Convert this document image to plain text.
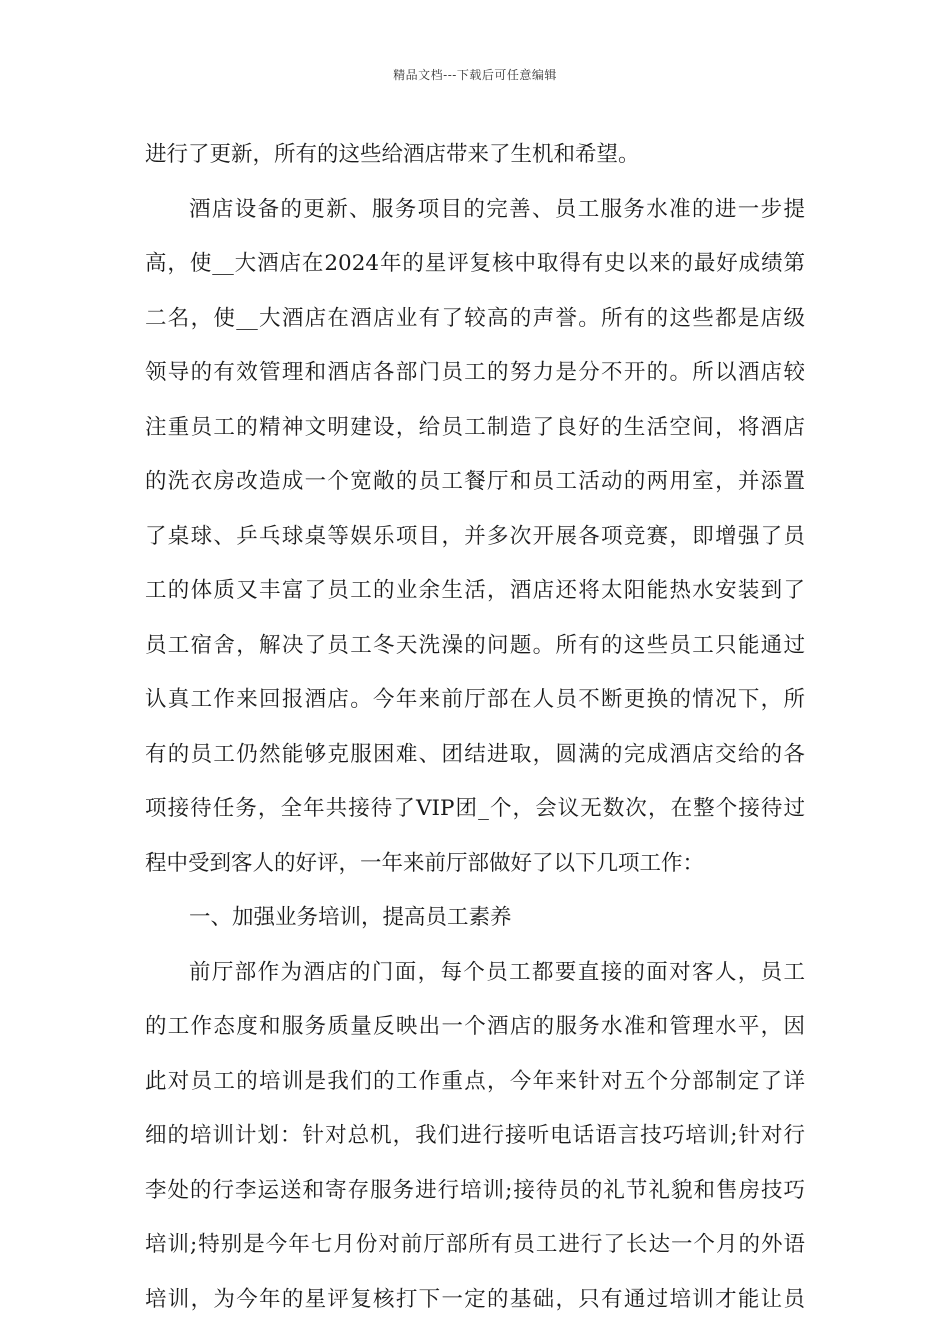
精品文档---下载后可任意编辑
进行了更新，所有的这些给酒店带来了生机和希望。
酒店设备的更新、服务项目的完善、员工服务水准的进一步提
高，使__大酒店在2024年的星评复核中取得有史以来的最好成绩第
二名，使__大酒店在酒店业有了较高的声誉。所有的这些都是店级
领导的有效管理和酒店各部门员工的努力是分不开的。所以酒店较
注重员工的精神文明建设，给员工制造了良好的生活空间，将酒店
的洗衣房改造成一个宽敞的员工餐厅和员工活动的两用室，并添置
了桌球、乒乓球桌等娱乐项目，并多次开展各项竞赛，即增强了员
工的体质又丰富了员工的业余生活，酒店还将太阳能热水安装到了
员工宿舍，解决了员工冬天洗澡的问题。所有的这些员工只能通过
认真工作来回报酒店。今年来前厅部在人员不断更换的情况下，所
有的员工仍然能够克服困难、团结进取，圆满的完成酒店交给的各
项接待任务，全年共接待了VIP团_个，会议无数次，在整个接待过
程中受到客人的好评，一年来前厅部做好了以下几项工作：
一、加强业务培训，提高员工素养
前厅部作为酒店的门面，每个员工都要直接的面对客人，员工
的工作态度和服务质量反映出一个酒店的服务水准和管理水平，因
此对员工的培训是我们的工作重点，今年来针对五个分部制定了详
细的培训计划：针对总机，我们进行接听电话语言技巧培训;针对行
李处的行李运送和寄存服务进行培训;接待员的礼节礼貌和售房技巧
培训;特别是今年七月份对前厅部所有员工进行了长达一个月的外语
培训，为今年的星评复核打下一定的基础，只有通过培训才能让员
